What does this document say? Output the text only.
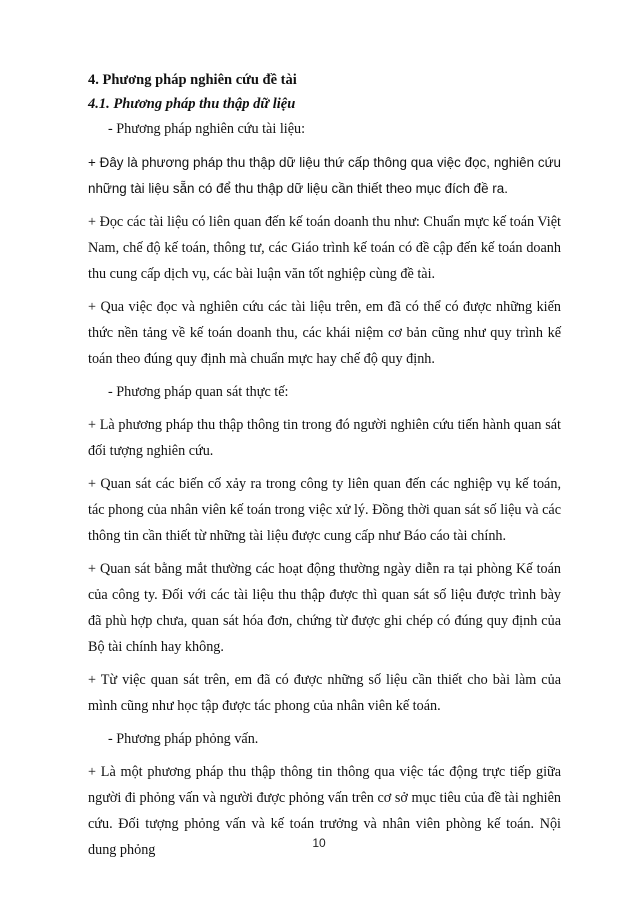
4. Phương pháp nghiên cứu đề tài
4.1. Phương pháp thu thập dữ liệu
- Phương pháp nghiên cứu tài liệu:
+ Đây là phương pháp thu thập dữ liệu thứ cấp thông qua việc đọc, nghiên cứu những tài liệu sẵn có để thu thập dữ liệu cần thiết theo mục đích đề ra.
+ Đọc các tài liệu có liên quan đến kế toán doanh thu như: Chuẩn mực kế toán Việt Nam, chế độ kế toán, thông tư, các Giáo trình kế toán có đề cập đến kế toán doanh thu cung cấp dịch vụ, các bài luận văn tốt nghiệp cùng đề tài.
+ Qua việc đọc và nghiên cứu các tài liệu trên, em đã có thể có được những kiến thức nền tảng về kế toán doanh thu, các khái niệm cơ bản cũng như quy trình kế toán theo đúng quy định mà chuẩn mực hay chế độ quy định.
- Phương pháp quan sát thực tế:
+ Là phương pháp thu thập thông tin trong đó người nghiên cứu tiến hành quan sát đối tượng nghiên cứu.
+ Quan sát các biến cố xảy ra trong công ty liên quan đến các nghiệp vụ kế toán, tác phong của nhân viên kế toán trong việc xử lý. Đồng thời quan sát số liệu và các thông tin cần thiết từ những tài liệu được cung cấp như Báo cáo tài chính.
+ Quan sát bằng mắt thường các hoạt động thường ngày diễn ra tại phòng Kế toán của công ty. Đối với các tài liệu thu thập được thì quan sát số liệu được trình bày đã phù hợp chưa, quan sát hóa đơn, chứng từ được ghi chép có đúng quy định của Bộ tài chính hay không.
+ Từ việc quan sát trên, em đã có được những số liệu cần thiết cho bài làm của mình cũng như học tập được tác phong của nhân viên kế toán.
- Phương pháp phỏng vấn.
+ Là một phương pháp thu thập thông tin thông qua việc tác động trực tiếp giữa người đi phỏng vấn và người được phỏng vấn trên cơ sở mục tiêu của đề tài nghiên cứu. Đối tượng phỏng vấn và kế toán trưởng và nhân viên phòng kế toán. Nội dung phỏng	10
